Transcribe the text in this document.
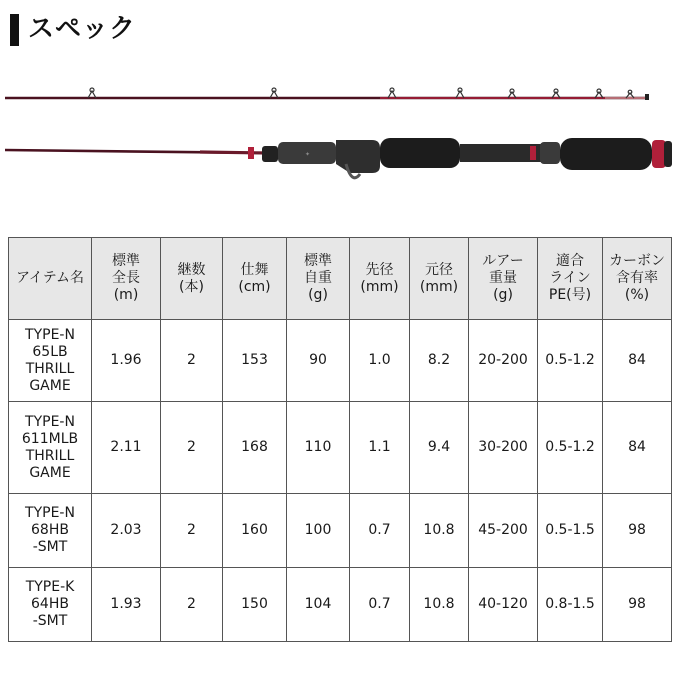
スペック
✦
アイテム名	標準
全長
(m)	継数
(本)	仕舞
(cm)	標準
自重
(g)	先径
(mm)	元径
(mm)	ルアー
重量
(g)	適合
ライン
PE(号)	カーボン
含有率
(%)

TYPE-N
65LB
THRILL
GAME	1.96	2	153	90	1.0	8.2	20-200	0.5-1.2	84

TYPE-N
611MLB
THRILL
GAME	2.11	2	168	110	1.1	9.4	30-200	0.5-1.2	84

TYPE-N
68HB
-SMT	2.03	2	160	100	0.7	10.8	45-200	0.5-1.5	98

TYPE-K
64HB
-SMT	1.93	2	150	104	0.7	10.8	40-120	0.8-1.5	98
